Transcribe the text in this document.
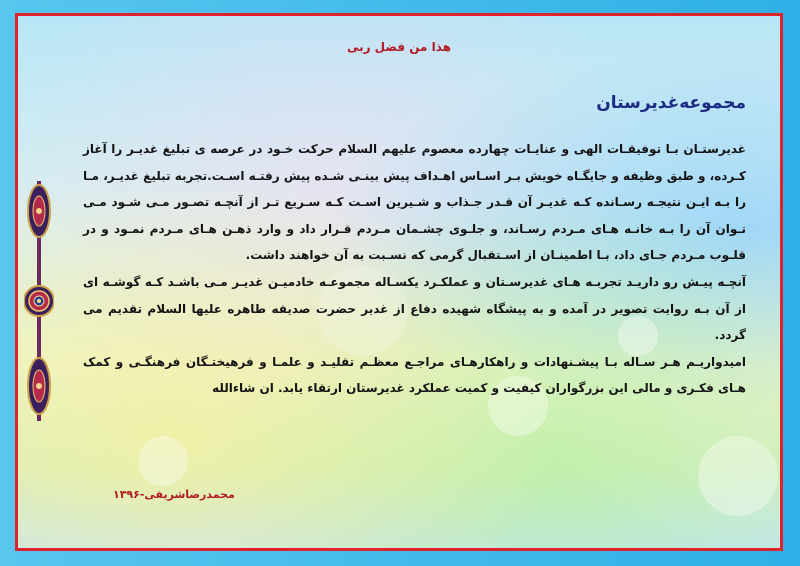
هذا من فضل ربی
مجموعه‌غدیرستان

غدیرستـان بـا توفیقـات الهی و عنایـات چهارده معصوم علیهم السلام حرکت خـود در عرصه ی تبلیغ غدیـر را آغاز کـرده، و طبق وظیفه و جایگـاه خویش بـر اسـاس اهـداف پیش بینـی شـده پیش رفتـه اسـت.تجربه تبلیغ غدیـر، مـا را بـه ایـن نتیجـه رسـانده کـه غدیـر آن قـدر جـذاب و شـیرین اسـت کـه سـریع تـر از آنچـه تصـور مـی شـود مـی تـوان آن را بـه خانـه هـای مـردم رسـاند، و جلـوی چشـمان مـردم قـرار داد و وارد ذهـن هـای مـردم نمـود و در قلـوب مـردم جـای داد، بـا اطمینـان از اسـتقبال گرمی که نسـبت به آن خواهند داشت.

آنچـه پیـش رو داریـد تجربـه هـای غدیرسـتان و عملکـرد یکسـاله مجموعـه خادمیـن غدیـر مـی باشـد کـه گوشـه ای از آن بـه روایت تصویر در آمده و به پیشگاه شهیده دفاع از غدیر حضرت صدیقه طاهره علیها السلام تقدیم می گردد.

امیدواریـم هـر سـاله بـا پیشـنهادات و راهکارهـای مراجـع معظـم تقلیـد و علمـا و فرهیختـگان فرهنگـی و کمک هـای فکـری و مالی این بزرگواران کیفیت و کمیت عملکرد غدیرستان ارتقاء یابد. ان شاءالله

محمدرضاشریفی-۱۳۹۶
